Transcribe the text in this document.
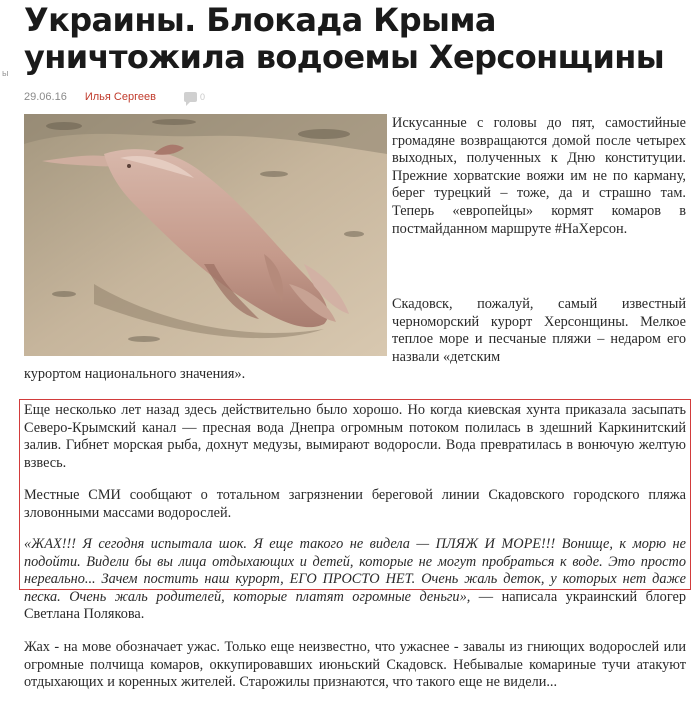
ы
Украины. Блокада Крыма уничтожила водоемы Херсонщины
29.06.16 Илья Сергеев	0

Искусанные с головы до пят, самостийные громадяне возвращаются домой после четырех выходных, полученных к Дню конституции. Прежние хорватские вояжи им не по карману, берег турецкий – тоже, да и страшно там. Теперь «европейцы» кормят комаров в постмайданном маршруте #НаХерсон.

Скадовск, пожалуй, самый известный черноморский курорт Херсонщины. Мелкое теплое море и песчаные пляжи – недаром его назвали «детским

курортом национального значения».

Еще несколько лет назад здесь действительно было хорошо. Но когда киевская хунта приказала засыпать Северо-Крымский канал — пресная вода Днепра огромным потоком полилась в здешний Каркинитский залив. Гибнет морская рыба, дохнут медузы, вымирают водоросли. Вода превратилась в вонючую желтую взвесь.

Местные СМИ сообщают о тотальном загрязнении береговой линии Скадовского городского пляжа зловонными массами водорослей.

«ЖАХ!!! Я сегодня испытала шок. Я еще такого не видела — ПЛЯЖ И МОРЕ!!! Вонище, к морю не подойти. Видели бы вы лица отдыхающих и детей, которые не могут пробраться к воде. Это просто нереально... Зачем постить наш курорт, ЕГО ПРОСТО НЕТ. Очень жаль деток, у которых нет даже песка. Очень жаль родителей, которые платят огромные деньги», — написала украинский блогер Светлана Полякова.

Жах - на мове обозначает ужас. Только еще неизвестно, что ужаснее - завалы из гниющих водорослей или огромные полчища комаров, оккупировавших июньский Скадовск. Небывалые комариные тучи атакуют отдыхающих и коренных жителей. Старожилы признаются, что такого еще не видели...
